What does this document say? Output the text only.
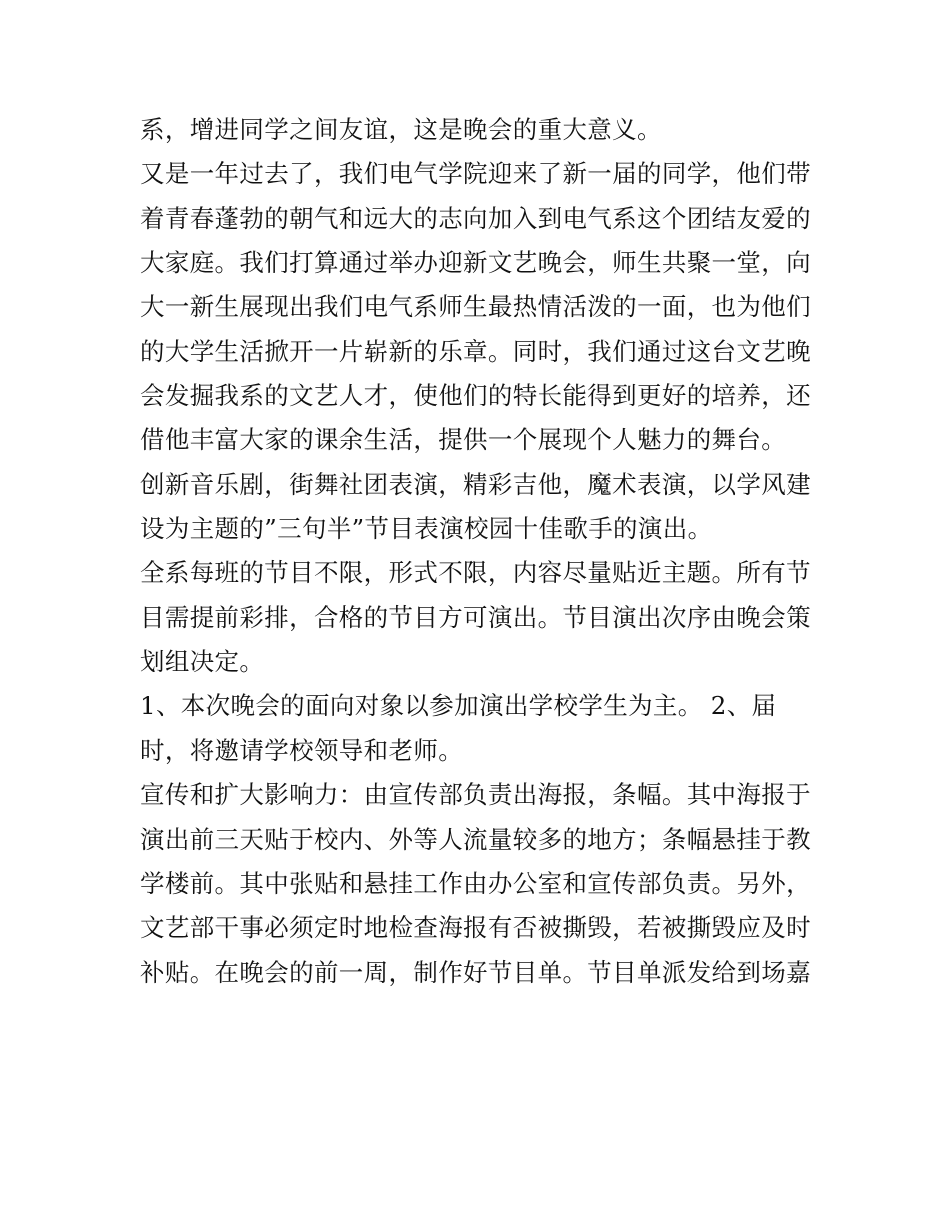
系，增进同学之间友谊，这是晚会的重大意义。
又是一年过去了，我们电气学院迎来了新一届的同学，他们带
着青春蓬勃的朝气和远大的志向加入到电气系这个团结友爱的
大家庭。我们打算通过举办迎新文艺晚会，师生共聚一堂，向
大一新生展现出我们电气系师生最热情活泼的一面，也为他们
的大学生活掀开一片崭新的乐章。同时，我们通过这台文艺晚
会发掘我系的文艺人才，使他们的特长能得到更好的培养，还
借他丰富大家的课余生活，提供一个展现个人魅力的舞台。
创新音乐剧，街舞社团表演，精彩吉他，魔术表演，以学风建
设为主题的”三句半”节目表演校园十佳歌手的演出。
全系每班的节目不限，形式不限，内容尽量贴近主题。所有节
目需提前彩排，合格的节目方可演出。节目演出次序由晚会策
划组决定。
1、本次晚会的面向对象以参加演出学校学生为主。 2、届
时，将邀请学校领导和老师。
宣传和扩大影响力：由宣传部负责出海报，条幅。其中海报于
演出前三天贴于校内、外等人流量较多的地方；条幅悬挂于教
学楼前。其中张贴和悬挂工作由办公室和宣传部负责。另外，
文艺部干事必须定时地检查海报有否被撕毁，若被撕毁应及时
补贴。在晚会的前一周，制作好节目单。节目单派发给到场嘉
